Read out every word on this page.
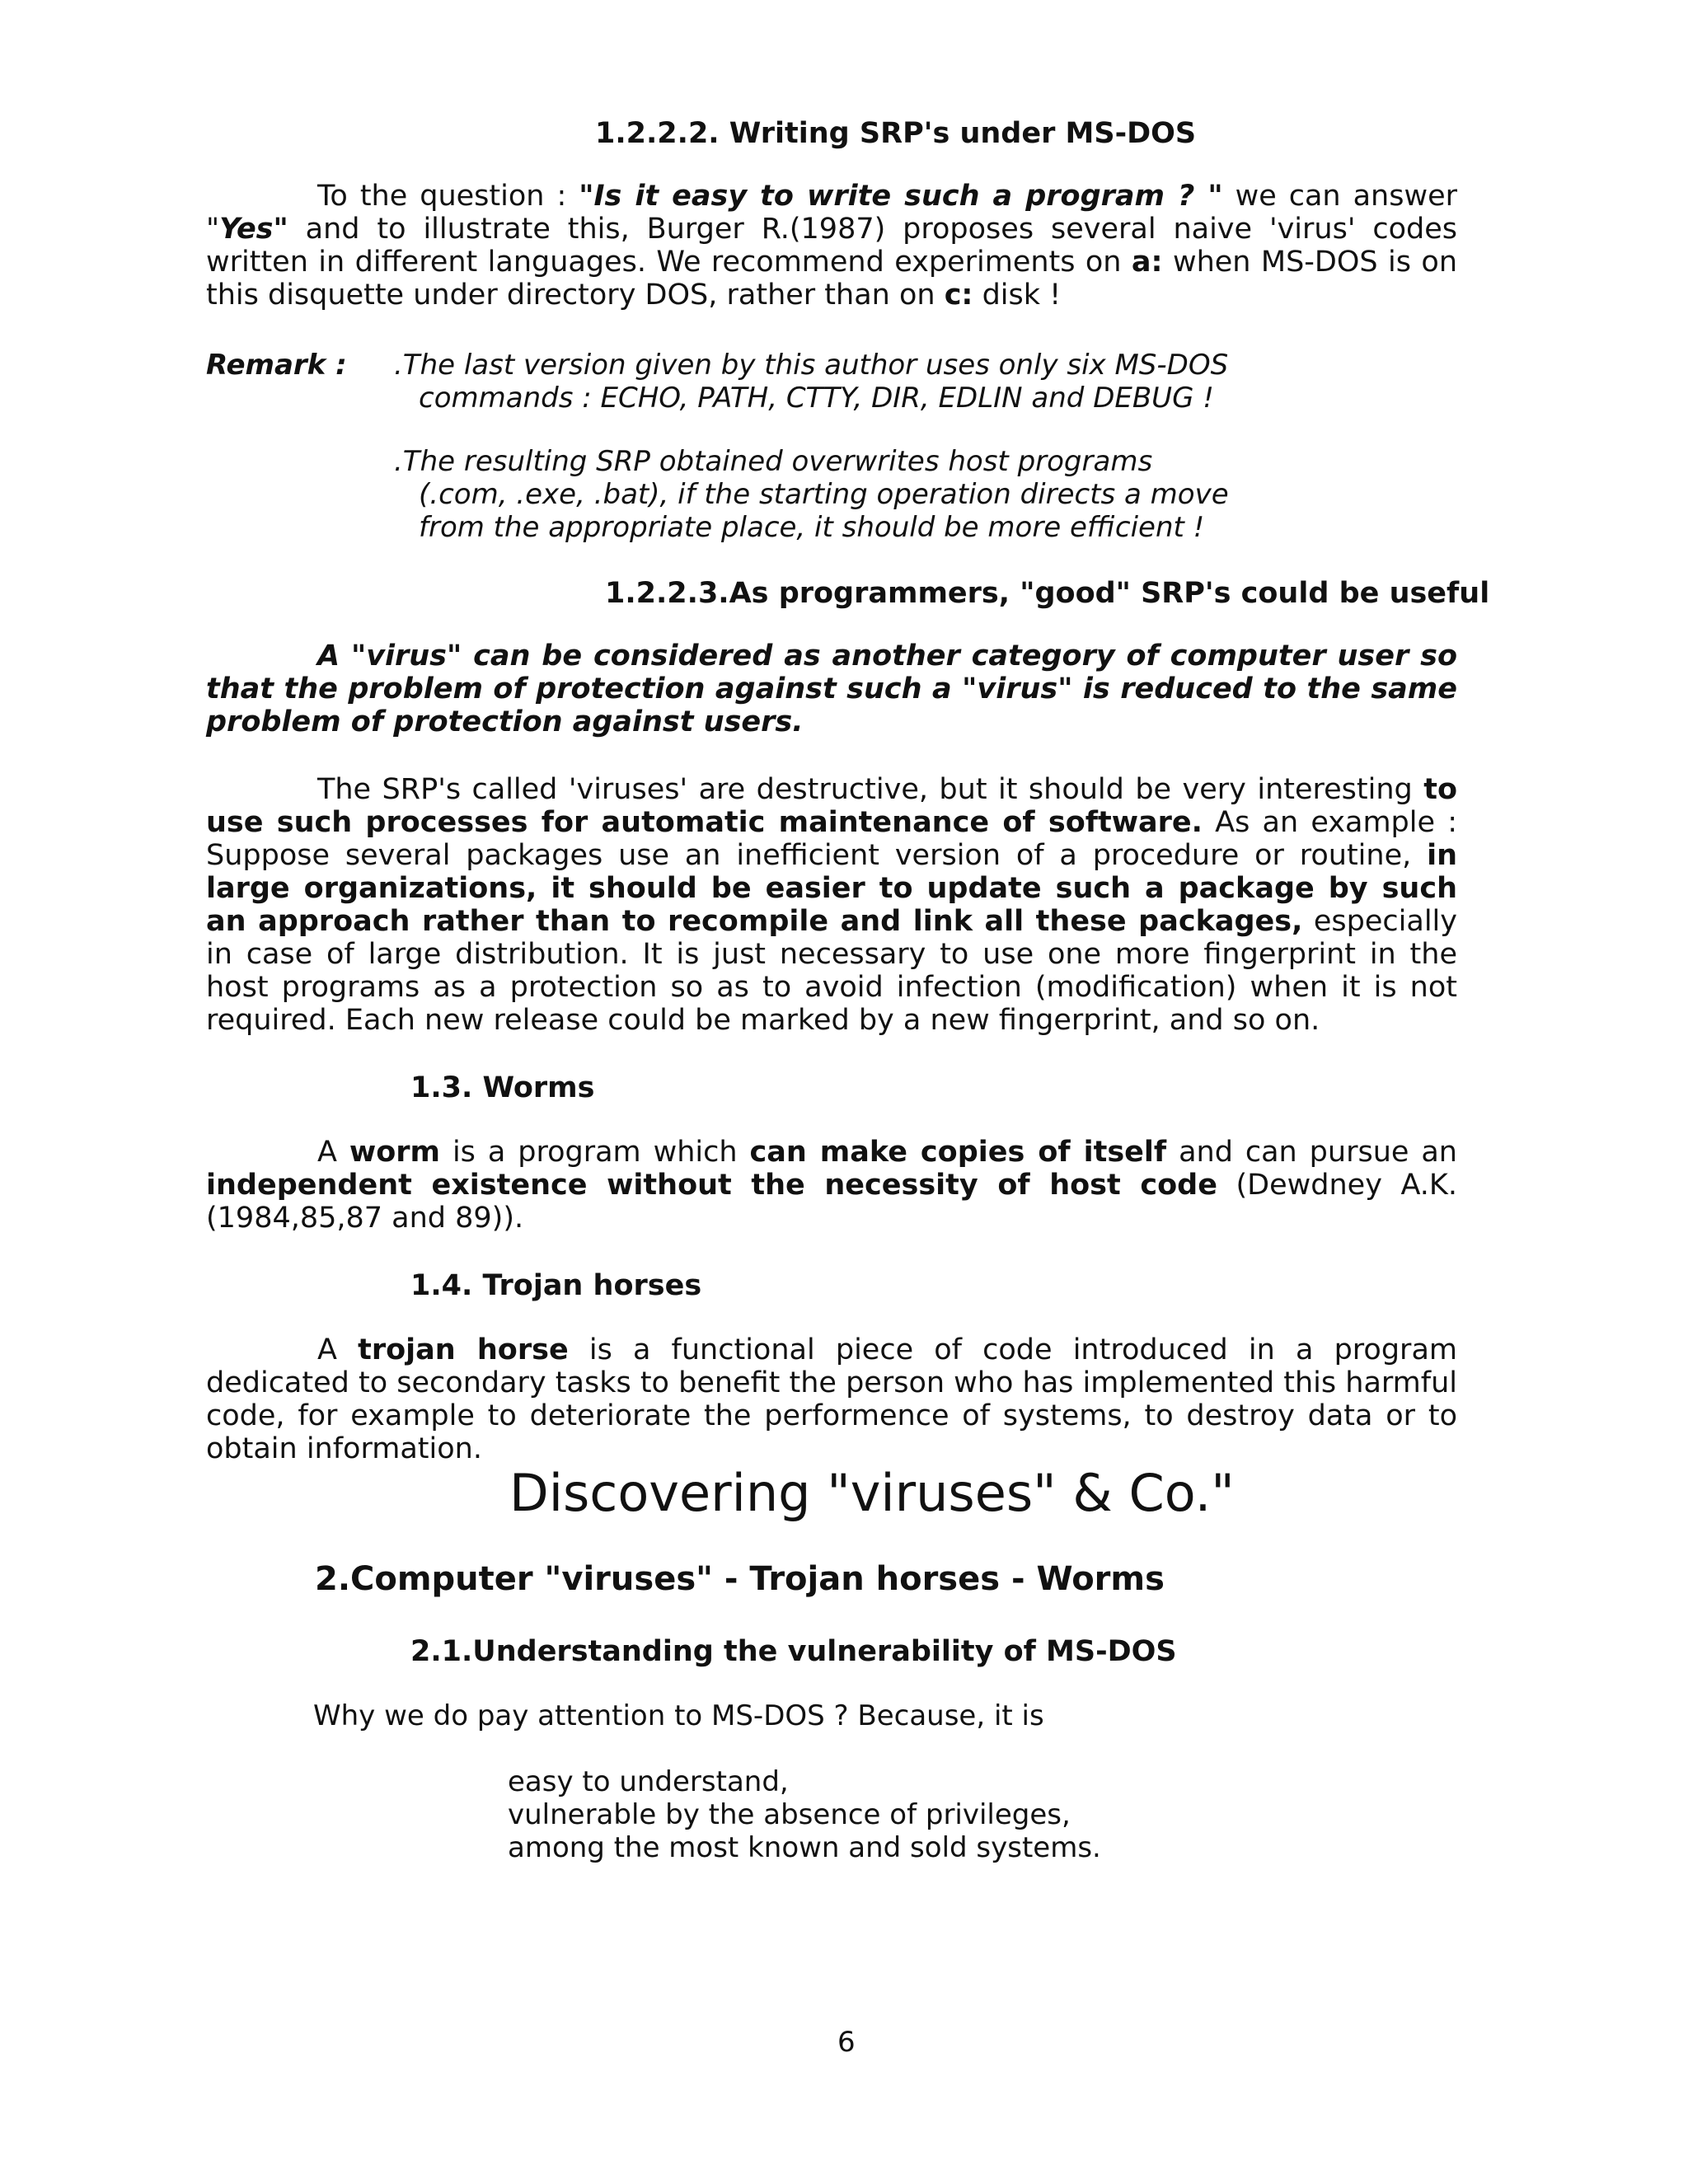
1.2.2.2. Writing SRP's under MS-DOS
To the question : "Is it easy to write such a program ? " we can answer "Yes" and to illustrate this, Burger R.(1987) proposes several naive 'virus' codes written in different languages. We recommend experiments on a: when MS-DOS is on this disquette under directory DOS, rather than on c: disk !
Remark : .The last version given by this author uses only six MS-DOS
commands : ECHO, PATH, CTTY, DIR, EDLIN and DEBUG !
.The resulting SRP obtained overwrites host programs
(.com, .exe, .bat), if the starting operation directs a move
from the appropriate place, it should be more efficient !
1.2.2.3.As programmers, "good" SRP's could be useful
A "virus" can be considered as another category of computer user so that the problem of protection against such a "virus" is reduced to the same problem of protection against users.
The SRP's called 'viruses' are destructive, but it should be very interesting to use such processes for automatic maintenance of software. As an example : Suppose several packages use an inefficient version of a procedure or routine, in large organizations, it should be easier to update such a package by such an approach rather than to recompile and link all these packages, especially in case of large distribution. It is just necessary to use one more fingerprint in the host programs as a protection so as to avoid infection (modification) when it is not required. Each new release could be marked by a new fingerprint, and so on.
1.3. Worms
A worm is a program which can make copies of itself and can pursue an independent existence without the necessity of host code (Dewdney A.K. (1984,85,87 and 89)).
1.4. Trojan horses
A trojan horse is a functional piece of code introduced in a program dedicated to secondary tasks to benefit the person who has implemented this harmful code, for example to deteriorate the performence of systems, to destroy data or to obtain information.
Discovering "viruses" & Co."
2.Computer "viruses" - Trojan horses - Worms
2.1.Understanding the vulnerability of MS-DOS
Why we do pay attention to MS-DOS ? Because, it is
easy to understand,
vulnerable by the absence of privileges,
among the most known and sold systems.
6
